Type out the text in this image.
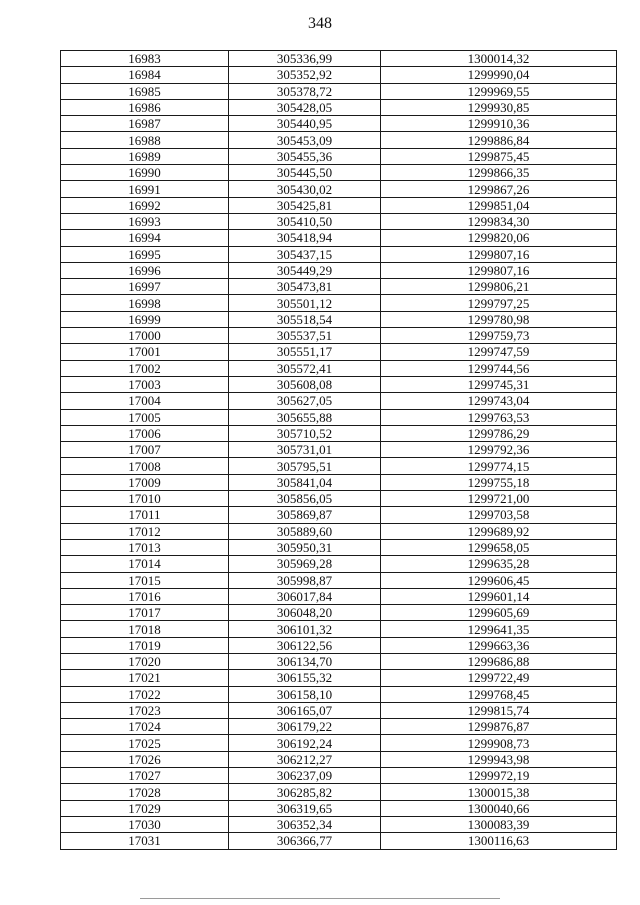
348
16983	305336,99	1300014,32
16984	305352,92	1299990,04
16985	305378,72	1299969,55
16986	305428,05	1299930,85
16987	305440,95	1299910,36
16988	305453,09	1299886,84
16989	305455,36	1299875,45
16990	305445,50	1299866,35
16991	305430,02	1299867,26
16992	305425,81	1299851,04
16993	305410,50	1299834,30
16994	305418,94	1299820,06
16995	305437,15	1299807,16
16996	305449,29	1299807,16
16997	305473,81	1299806,21
16998	305501,12	1299797,25
16999	305518,54	1299780,98
17000	305537,51	1299759,73
17001	305551,17	1299747,59
17002	305572,41	1299744,56
17003	305608,08	1299745,31
17004	305627,05	1299743,04
17005	305655,88	1299763,53
17006	305710,52	1299786,29
17007	305731,01	1299792,36
17008	305795,51	1299774,15
17009	305841,04	1299755,18
17010	305856,05	1299721,00
17011	305869,87	1299703,58
17012	305889,60	1299689,92
17013	305950,31	1299658,05
17014	305969,28	1299635,28
17015	305998,87	1299606,45
17016	306017,84	1299601,14
17017	306048,20	1299605,69
17018	306101,32	1299641,35
17019	306122,56	1299663,36
17020	306134,70	1299686,88
17021	306155,32	1299722,49
17022	306158,10	1299768,45
17023	306165,07	1299815,74
17024	306179,22	1299876,87
17025	306192,24	1299908,73
17026	306212,27	1299943,98
17027	306237,09	1299972,19
17028	306285,82	1300015,38
17029	306319,65	1300040,66
17030	306352,34	1300083,39
17031	306366,77	1300116,63
